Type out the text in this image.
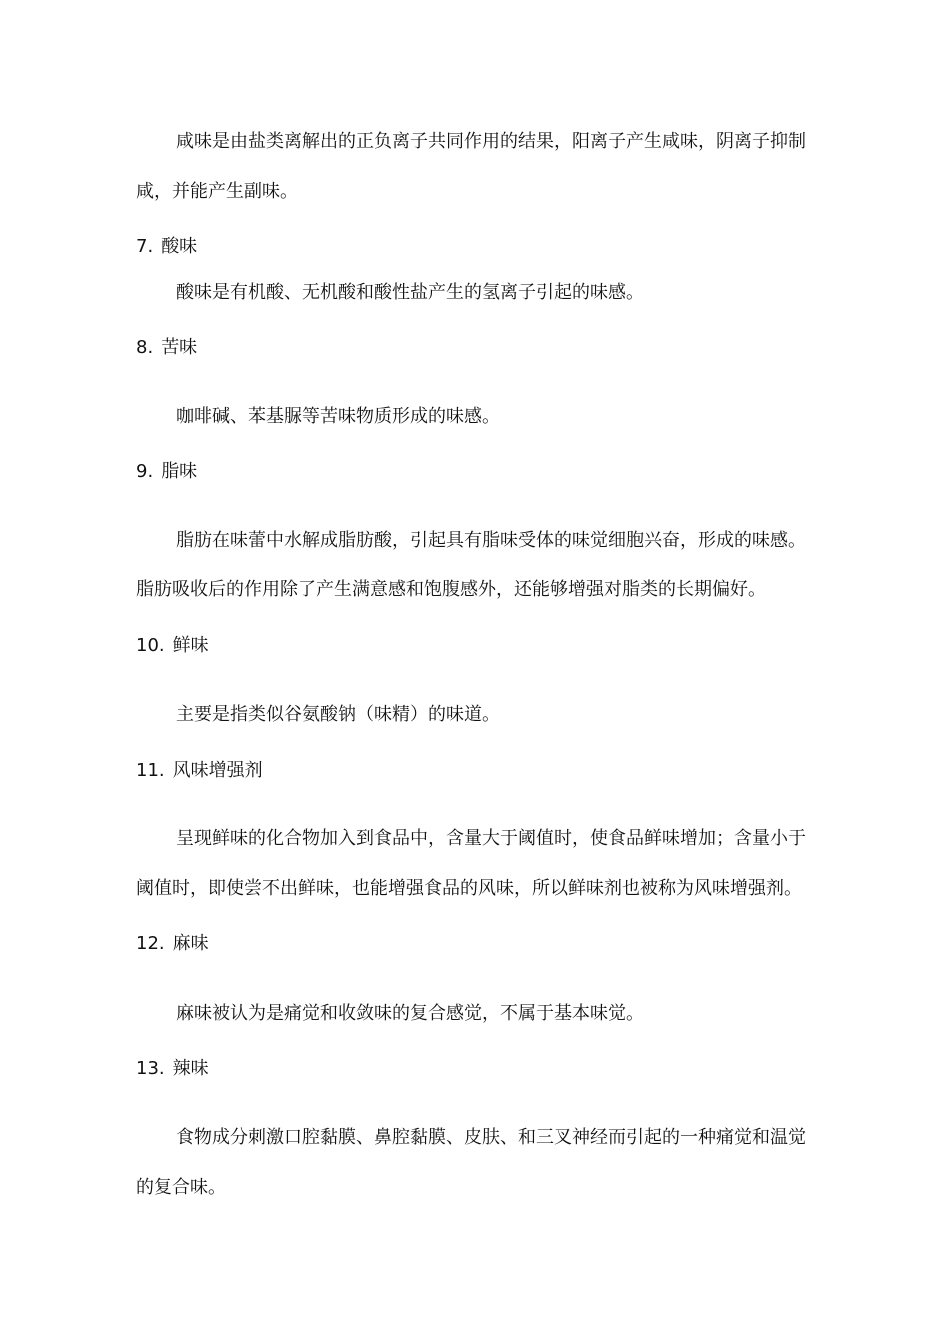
咸味是由盐类离解出的正负离子共同作用的结果，阳离子产生咸味，阴离子抑制
咸，并能产生副味。
7. 酸味
酸味是有机酸、无机酸和酸性盐产生的氢离子引起的味感。
8. 苦味
咖啡碱、苯基脲等苦味物质形成的味感。
9. 脂味
脂肪在味蕾中水解成脂肪酸，引起具有脂味受体的味觉细胞兴奋，形成的味感。
脂肪吸收后的作用除了产生满意感和饱腹感外，还能够增强对脂类的长期偏好。
10. 鲜味
主要是指类似谷氨酸钠（味精）的味道。
11. 风味增强剂
呈现鲜味的化合物加入到食品中，含量大于阈值时，使食品鲜味增加；含量小于
阈值时，即使尝不出鲜味，也能增强食品的风味，所以鲜味剂也被称为风味增强剂。
12. 麻味
麻味被认为是痛觉和收敛味的复合感觉，不属于基本味觉。
13. 辣味
食物成分刺激口腔黏膜、鼻腔黏膜、皮肤、和三叉神经而引起的一种痛觉和温觉
的复合味。
